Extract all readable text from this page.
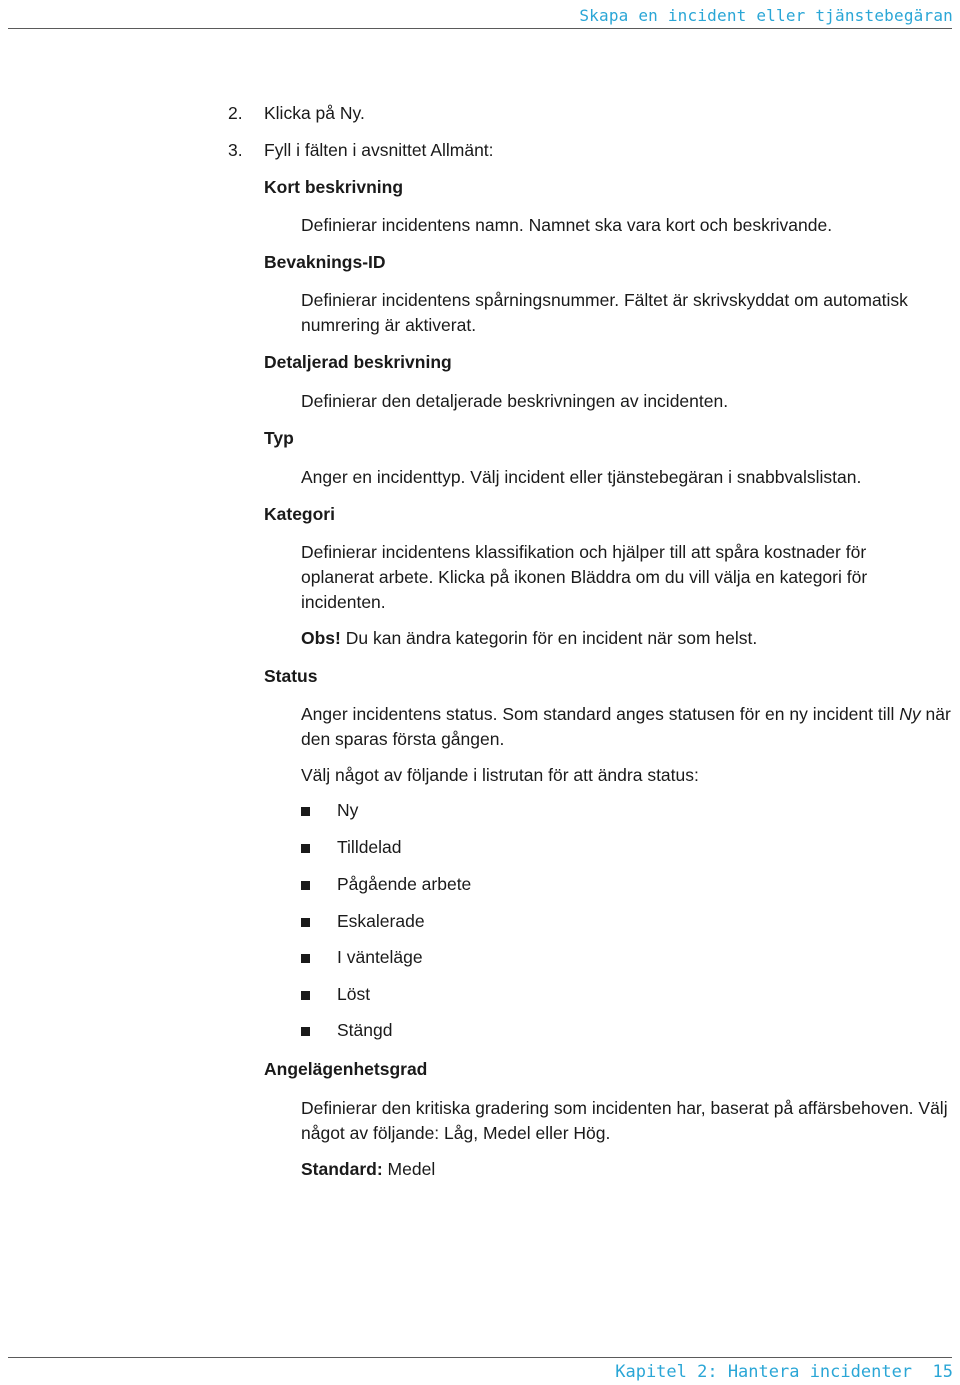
Skapa en incident eller tjänstebegäran
2. Klicka på Ny.
3. Fyll i fälten i avsnittet Allmänt:
Kort beskrivning
Definierar incidentens namn. Namnet ska vara kort och beskrivande.
Bevaknings-ID
Definierar incidentens spårningsnummer. Fältet är skrivskyddat om automatisk
numrering är aktiverat.
Detaljerad beskrivning
Definierar den detaljerade beskrivningen av incidenten.
Typ
Anger en incidenttyp. Välj incident eller tjänstebegäran i snabbvalslistan.
Kategori
Definierar incidentens klassifikation och hjälper till att spåra kostnader för oplanerat arbete. Klicka på ikonen Bläddra om du vill välja en kategori för incidenten.
Obs! Du kan ändra kategorin för en incident när som helst.
Status
Anger incidentens status. Som standard anges statusen för en ny incident till Ny när den sparas första gången.
Välj något av följande i listrutan för att ändra status:
Ny
Tilldelad
Pågående arbete
Eskalerade
I vänteläge
Löst
Stängd
Angelägenhetsgrad
Definierar den kritiska gradering som incidenten har, baserat på affärsbehoven. Välj något av följande: Låg, Medel eller Hög.
Standard: Medel
Kapitel 2: Hantera incidenter  15
